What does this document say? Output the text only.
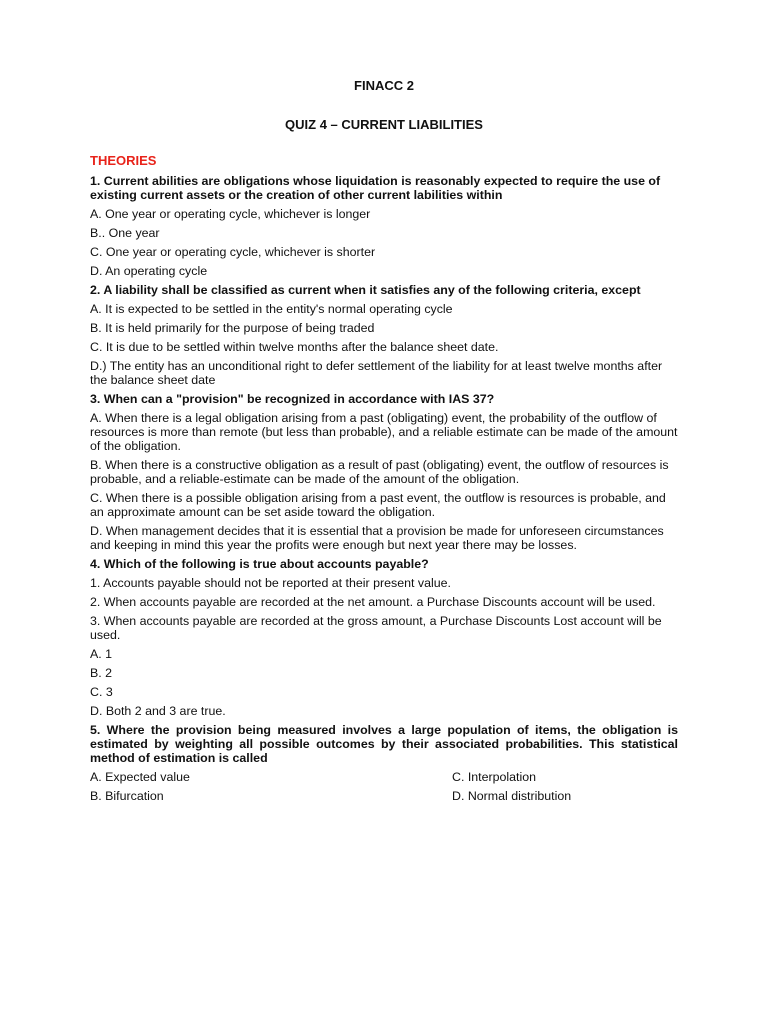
FINACC 2
QUIZ 4 – CURRENT LIABILITIES
THEORIES
1. Current abilities are obligations whose liquidation is reasonably expected to require the use of existing current assets or the creation of other current labilities within
A. One year or operating cycle, whichever is longer
B.. One year
C. One year or operating cycle, whichever is shorter
D. An operating cycle
2. A liability shall be classified as current when it satisfies any of the following criteria, except
A. It is expected to be settled in the entity's normal operating cycle
B. It is held primarily for the purpose of being traded
C. It is due to be settled within twelve months after the balance sheet date.
D.) The entity has an unconditional right to defer settlement of the liability for at least twelve months after the balance sheet date
3. When can a "provision" be recognized in accordance with IAS 37?
A. When there is a legal obligation arising from a past (obligating) event, the probability of the outflow of resources is more than remote (but less than probable), and a reliable estimate can be made of the amount of the obligation.
B. When there is a constructive obligation as a result of past (obligating) event, the outflow of resources is probable, and a reliable-estimate can be made of the amount of the obligation.
C. When there is a possible obligation arising from a past event, the outflow is resources is probable, and an approximate amount can be set aside toward the obligation.
D. When management decides that it is essential that a provision be made for unforeseen circumstances and keeping in mind this year the profits were enough but next year there may be losses.
4. Which of the following is true about accounts payable?
1. Accounts payable should not be reported at their present value.
2. When accounts payable are recorded at the net amount. a Purchase Discounts account will be used.
3. When accounts payable are recorded at the gross amount, a Purchase Discounts Lost account will be used.
A. 1
B. 2
C. 3
D. Both 2 and 3 are true.
5. Where the provision being measured involves a large population of items, the obligation is estimated by weighting all possible outcomes by their associated probabilities. This statistical method of estimation is called
A. Expected value	C. Interpolation
B. Bifurcation	D. Normal distribution
